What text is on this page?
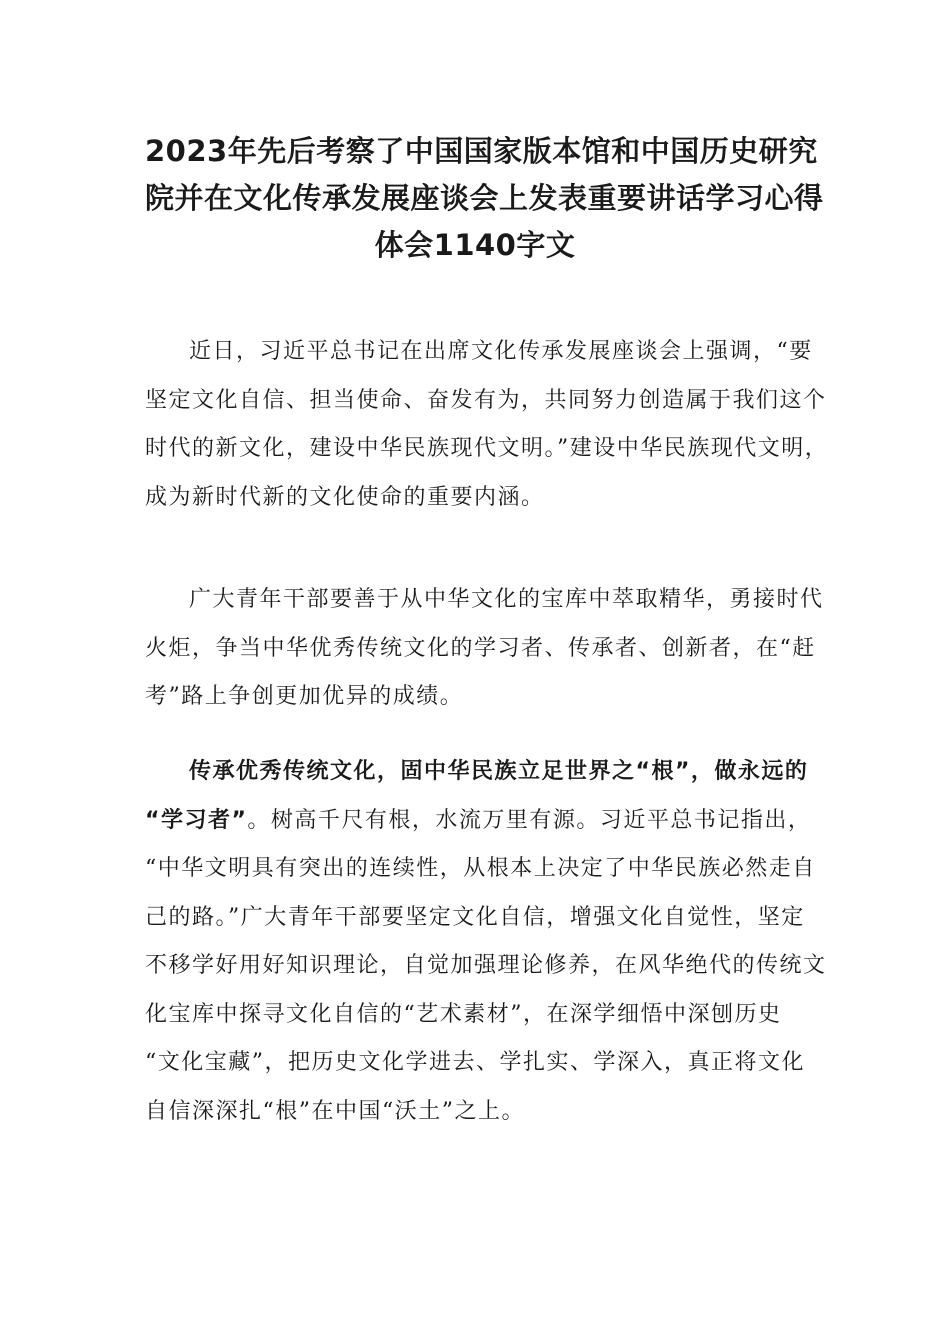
2023年先后考察了中国国家版本馆和中国历史研究
院并在文化传承发展座谈会上发表重要讲话学习心得
体会1140字文

近日，习近平总书记在出席文化传承发展座谈会上强调，“要
坚定文化自信、担当使命、奋发有为，共同努力创造属于我们这个
时代的新文化，建设中华民族现代文明。”建设中华民族现代文明，
成为新时代新的文化使命的重要内涵。

广大青年干部要善于从中华文化的宝库中萃取精华，勇接时代
火炬，争当中华优秀传统文化的学习者、传承者、创新者，在“赶
考”路上争创更加优异的成绩。

传承优秀传统文化，固中华民族立足世界之“根”，做永远的
“学习者”。树高千尺有根，水流万里有源。习近平总书记指出，
“中华文明具有突出的连续性，从根本上决定了中华民族必然走自
己的路。”广大青年干部要坚定文化自信，增强文化自觉性，坚定
不移学好用好知识理论，自觉加强理论修养，在风华绝代的传统文
化宝库中探寻文化自信的“艺术素材”，在深学细悟中深刨历史
“文化宝藏”，把历史文化学进去、学扎实、学深入，真正将文化
自信深深扎“根”在中国“沃土”之上。
